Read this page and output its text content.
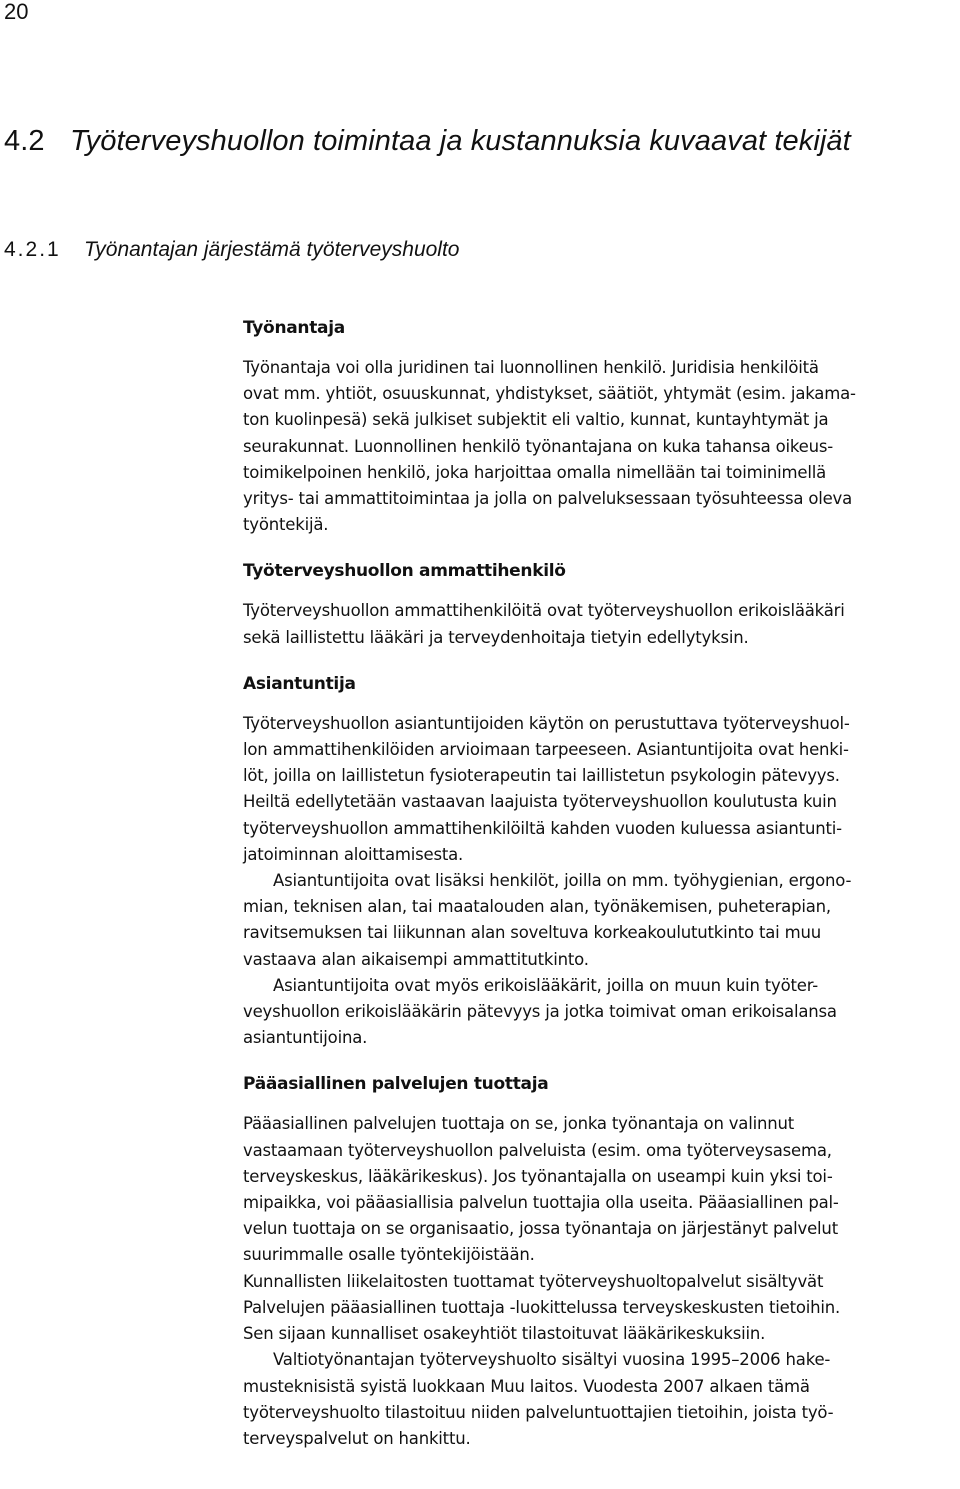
20
4.2 Työterveyshuollon toimintaa ja kustannuksia kuvaavat tekijät
4.2.1 Työnantajan järjestämä työterveyshuolto

Työnantaja

Työnantaja voi olla juridinen tai luonnollinen henkilö. Juridisia henkilöitä
ovat mm. yhtiöt, osuuskunnat, yhdistykset, säätiöt, yhtymät (esim. jakama-
ton kuolinpesä) sekä julkiset subjektit eli valtio, kunnat, kuntayhtymät ja
seurakunnat. Luonnollinen henkilö työnantajana on kuka tahansa oikeus-
toimikelpoinen henkilö, joka harjoittaa omalla nimellään tai toiminimellä
yritys- tai ammattitoimintaa ja jolla on palveluksessaan työsuhteessa oleva
työntekijä.

Työterveyshuollon ammattihenkilö

Työterveyshuollon ammattihenkilöitä ovat työterveyshuollon erikoislääkäri
sekä laillistettu lääkäri ja terveydenhoitaja tietyin edellytyksin.

Asiantuntija

Työterveyshuollon asiantuntijoiden käytön on perustuttava työterveyshuol-
lon ammattihenkilöiden arvioimaan tarpeeseen. Asiantuntijoita ovat henki-
löt, joilla on laillistetun fysioterapeutin tai laillistetun psykologin pätevyys.
Heiltä edellytetään vastaavan laajuista työterveyshuollon koulutusta kuin
työterveyshuollon ammattihenkilöiltä kahden vuoden kuluessa asiantunti-
jatoiminnan aloittamisesta.

Asiantuntijoita ovat lisäksi henkilöt, joilla on mm. työhygienian, ergono-
mian, teknisen alan, tai maatalouden alan, työnäkemisen, puheterapian,
ravitsemuksen tai liikunnan alan soveltuva korkeakoulututkinto tai muu
vastaava alan aikaisempi ammattitutkinto.

Asiantuntijoita ovat myös erikoislääkärit, joilla on muun kuin työter-
veyshuollon erikoislääkärin pätevyys ja jotka toimivat oman erikoisalansa
asiantuntijoina.

Pääasiallinen palvelujen tuottaja

Pääasiallinen palvelujen tuottaja on se, jonka työnantaja on valinnut
vastaamaan työterveyshuollon palveluista (esim. oma työterveysasema,
terveyskeskus, lääkärikeskus). Jos työnantajalla on useampi kuin yksi toi-
mipaikka, voi pääasiallisia palvelun tuottajia olla useita. Pääasiallinen pal-
velun tuottaja on se organisaatio, jossa työnantaja on järjestänyt palvelut
suurimmalle osalle työntekijöistään.

Kunnallisten liikelaitosten tuottamat työterveyshuoltopalvelut sisältyvät
Palvelujen pääasiallinen tuottaja -luokittelussa terveyskeskusten tietoihin.
Sen sijaan kunnalliset osakeyhtiöt tilastoituvat lääkärikeskuksiin.

Valtiotyönantajan työterveyshuolto sisältyi vuosina 1995–2006 hake-
musteknisistä syistä luokkaan Muu laitos. Vuodesta 2007 alkaen tämä
työterveyshuolto tilastoituu niiden palveluntuottajien tietoihin, joista työ-
terveyspalvelut on hankittu.
